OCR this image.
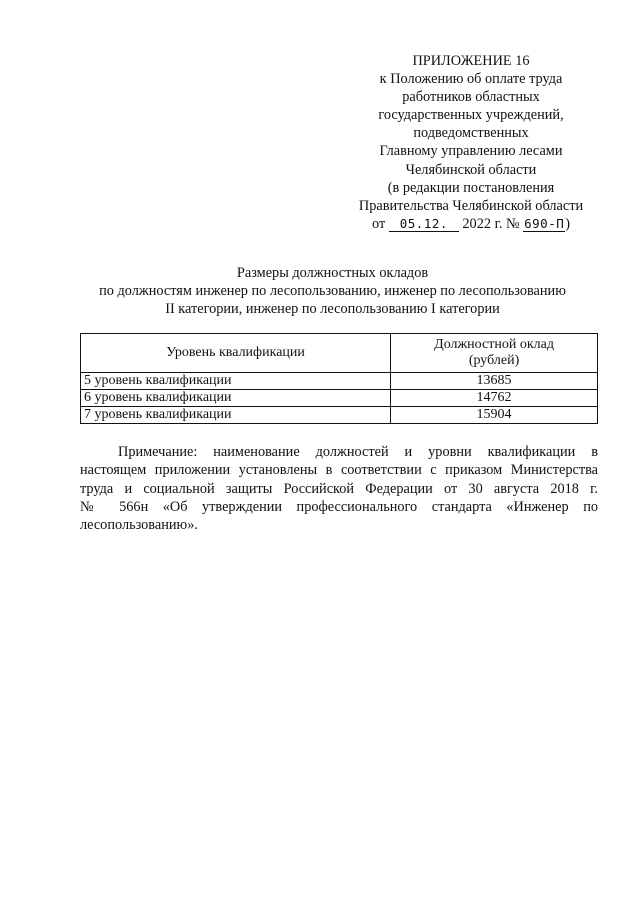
ПРИЛОЖЕНИЕ 16
к Положению об оплате труда
работников областных
государственных учреждений,
подведомственных
Главному управлению лесами
Челябинской области
(в редакции постановления
Правительства Челябинской области
от 05.12. 2022 г. № 690-П)
Размеры должностных окладов
по должностям инженер по лесопользованию, инженер по лесопользованию
II категории, инженер по лесопользованию I категории
Уровень квалификации	Должностной оклад
(рублей)

5 уровень квалификации	13685
6 уровень квалификации	14762
7 уровень квалификации	15904
Примечание: наименование должностей и уровни квалификации в
настоящем приложении установлены в соответствии с приказом Министерства
труда и социальной защиты Российской Федерации от 30 августа 2018 г.
№ 566н «Об утверждении профессионального стандарта «Инженер по
лесопользованию».
